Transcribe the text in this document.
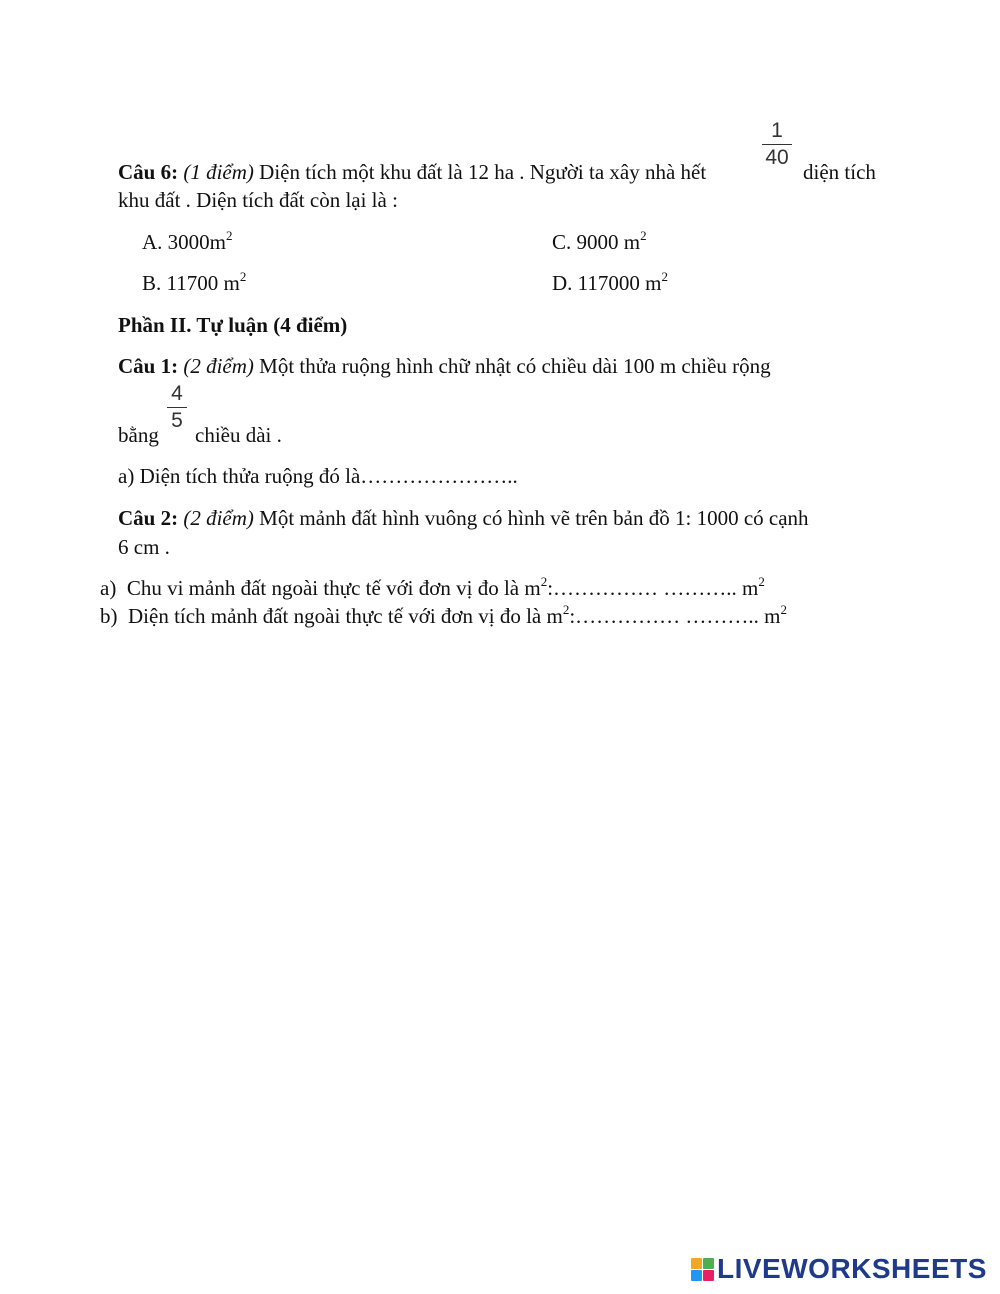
Câu 6: (1 điểm) Diện tích một khu đất là 12 ha . Người ta xây nhà hết
1
40
diện tích
khu đất . Diện tích đất còn lại là :
A. $3000m^2$	C. 9000 $m^2$
B. 11700 $m^2$	D. 117000 $m^2$
Phần II. Tự luận (4 điểm)
Câu 1: (2 điểm) Một thửa ruộng hình chữ nhật có chiều dài 100 m chiều rộng
bằng
4
5
chiều dài .
a) Diện tích thửa ruộng đó là…………………..
Câu 2: (2 điểm) Một mảnh đất hình vuông có hình vẽ trên bản đồ 1: 1000 có cạnh
6 cm .
a) Chu vi mảnh đất ngoài thực tế với đơn vị đo là $m^2:\dots\dots\dots\dots\dots$ ……….. $m^2$
b) Diện tích mảnh đất ngoài thực tế với đơn vị đo là $m^2:\dots\dots\dots\dots\dots$ ……….. $m^2$
LIVEWORKSHEETS
